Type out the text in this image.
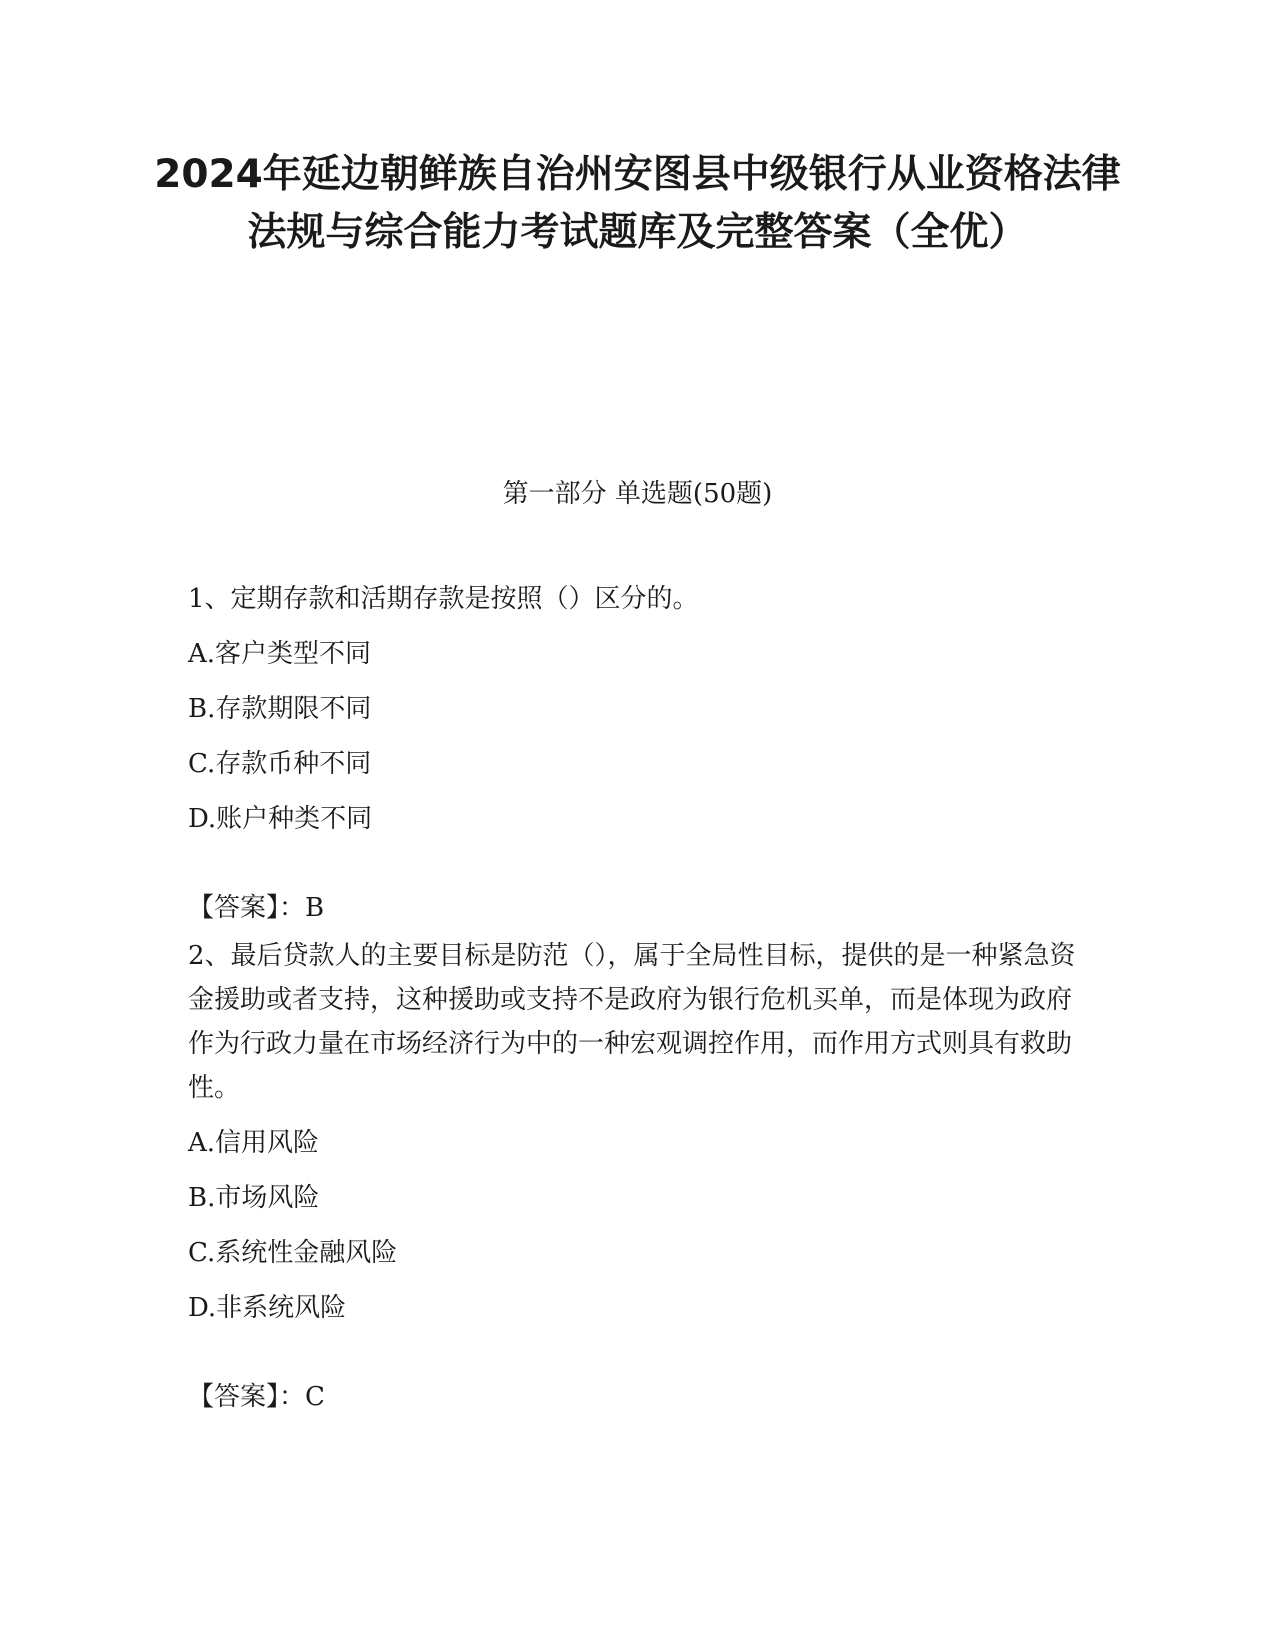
2024年延边朝鲜族自治州安图县中级银行从业资格法律法规与综合能力考试题库及完整答案（全优）
第一部分 单选题(50题)
1、定期存款和活期存款是按照（）区分的。
A.客户类型不同
B.存款期限不同
C.存款币种不同
D.账户种类不同
【答案】：B
2、最后贷款人的主要目标是防范（），属于全局性目标，提供的是一种紧急资金援助或者支持，这种援助或支持不是政府为银行危机买单，而是体现为政府作为行政力量在市场经济行为中的一种宏观调控作用，而作用方式则具有救助性。
A.信用风险
B.市场风险
C.系统性金融风险
D.非系统风险
【答案】：C
